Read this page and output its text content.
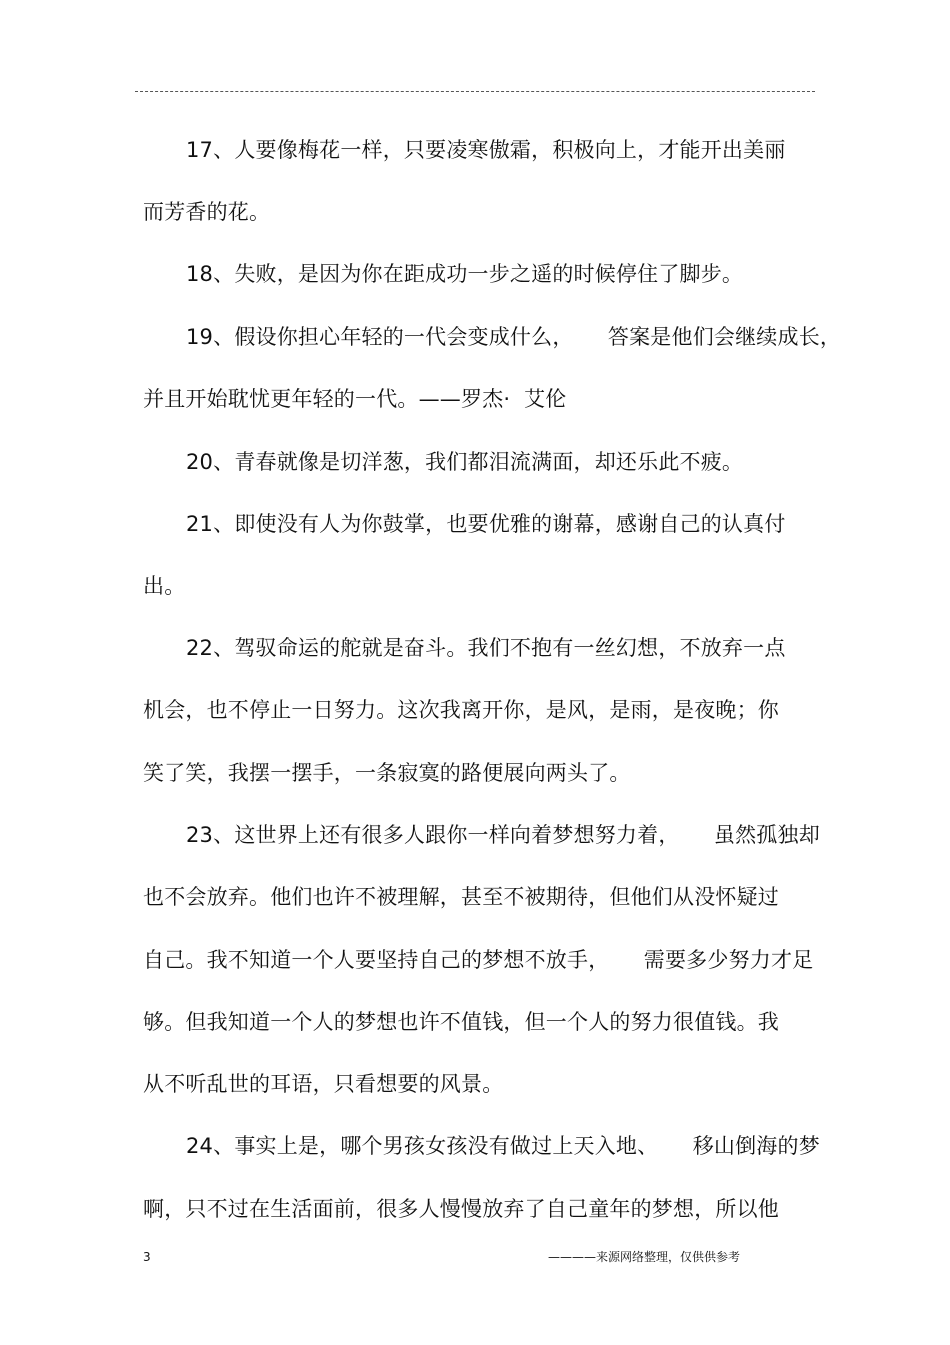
17、人要像梅花一样，只要凌寒傲霜，积极向上，才能开出美丽
而芳香的花。
18、失败，是因为你在距成功一步之遥的时候停住了脚步。
19、假设你担心年轻的一代会变成什么，     答案是他们会继续成长，
并且开始耽忧更年轻的一代。——罗杰·  艾伦
20、青春就像是切洋葱，我们都泪流满面，却还乐此不疲。
21、即使没有人为你鼓掌，也要优雅的谢幕，感谢自己的认真付
出。
22、驾驭命运的舵就是奋斗。我们不抱有一丝幻想，不放弃一点
机会，也不停止一日努力。这次我离开你，是风，是雨，是夜晚；你
笑了笑，我摆一摆手，一条寂寞的路便展向两头了。
23、这世界上还有很多人跟你一样向着梦想努力着，     虽然孤独却
也不会放弃。他们也许不被理解，甚至不被期待，但他们从没怀疑过
自己。我不知道一个人要坚持自己的梦想不放手，     需要多少努力才足
够。但我知道一个人的梦想也许不值钱，但一个人的努力很值钱。我
从不听乱世的耳语，只看想要的风景。
24、事实上是，哪个男孩女孩没有做过上天入地、     移山倒海的梦
啊，只不过在生活面前，很多人慢慢放弃了自己童年的梦想，所以他
3	————来源网络整理，仅供供参考
